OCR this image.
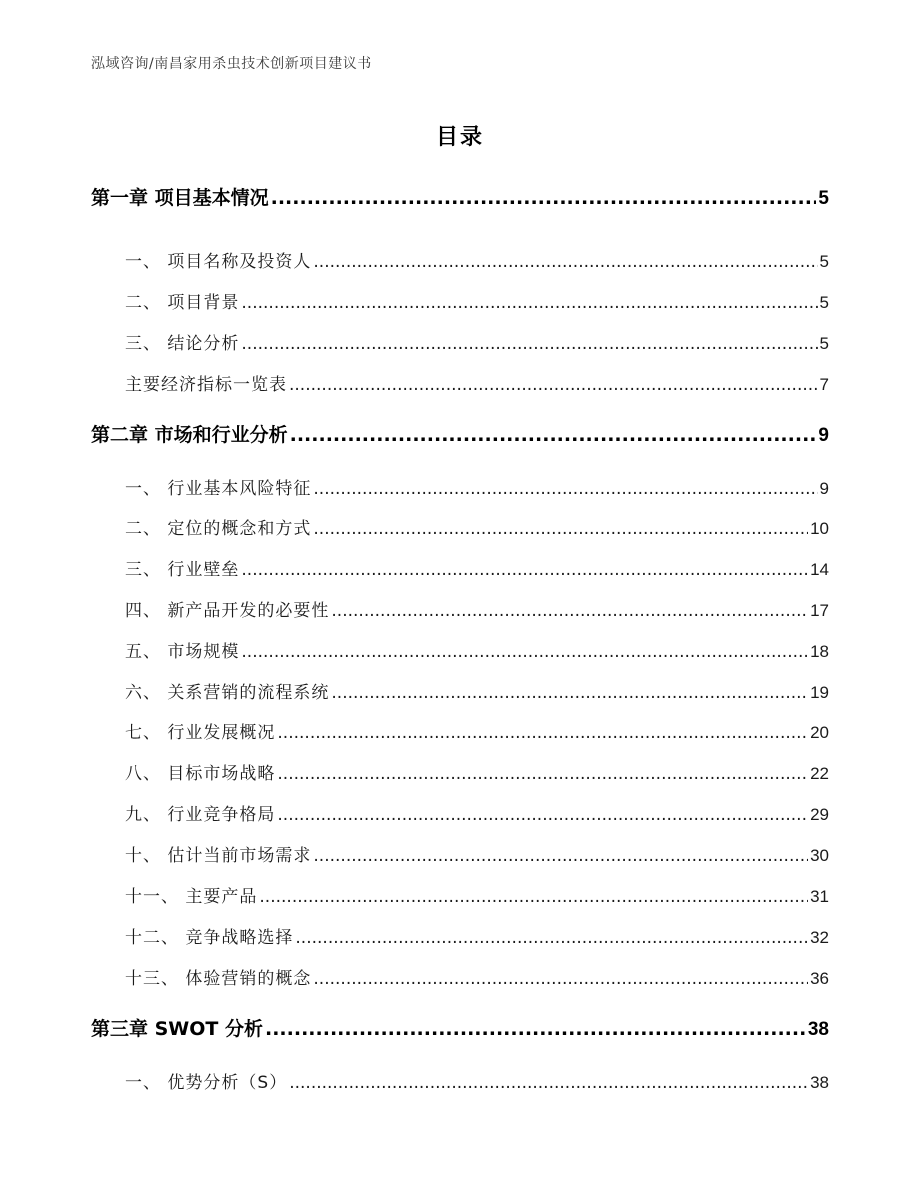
泓域咨询/南昌家用杀虫技术创新项目建议书
目录
第一章 项目基本情况 .....	5
一、 项目名称及投资人 .....	5
二、 项目背景 .....	5
三、 结论分析 .....	5
主要经济指标一览表 .....	7
第二章 市场和行业分析 .....	9
一、 行业基本风险特征 .....	9
二、 定位的概念和方式 .....	10
三、 行业壁垒 .....	14
四、 新产品开发的必要性 .....	17
五、 市场规模 .....	18
六、 关系营销的流程系统 .....	19
七、 行业发展概况 .....	20
八、 目标市场战略 .....	22
九、 行业竞争格局 .....	29
十、 估计当前市场需求 .....	30
十一、 主要产品 .....	31
十二、 竞争战略选择 .....	32
十三、 体验营销的概念 .....	36
第三章 SWOT 分析 .....	38
一、 优势分析（S） .....	38
